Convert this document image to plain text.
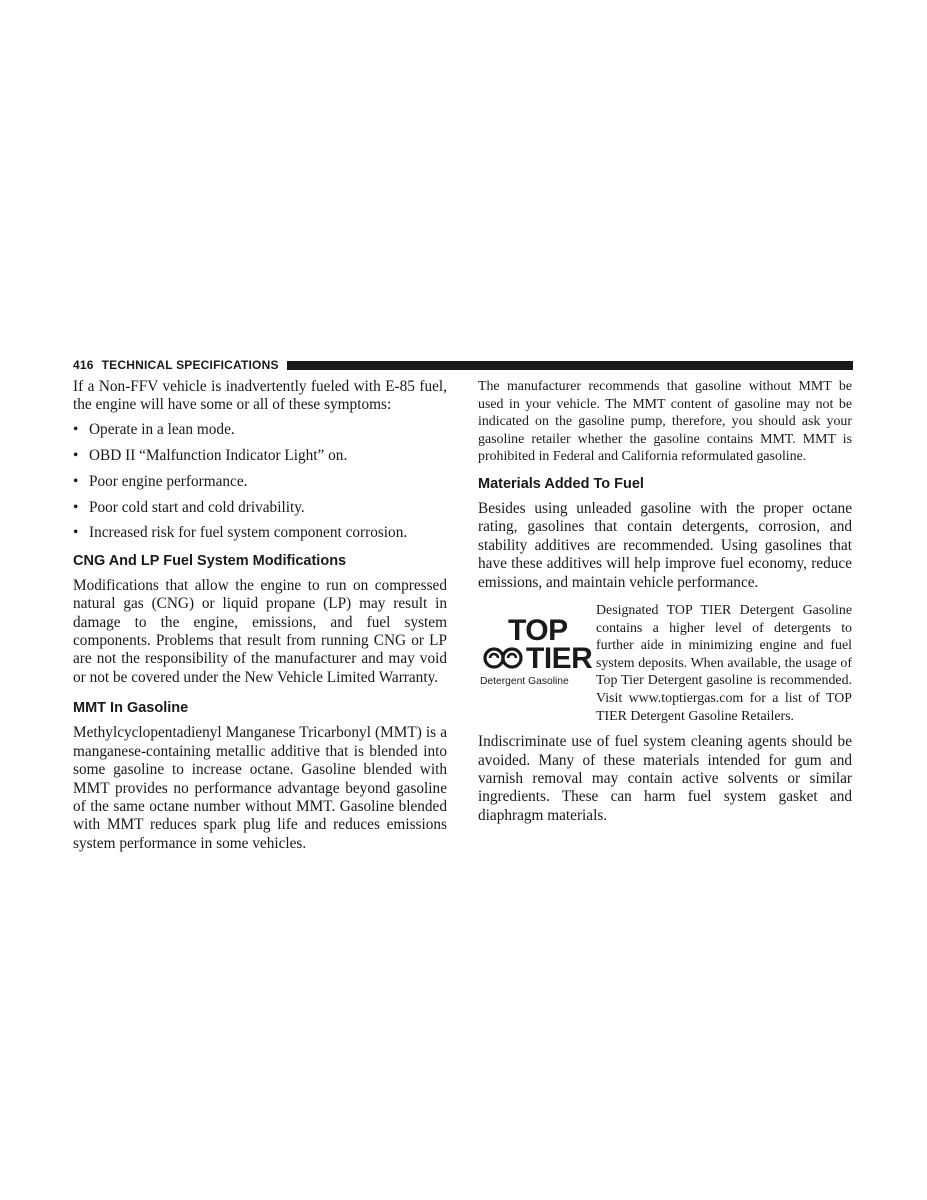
416 TECHNICAL SPECIFICATIONS

If a Non-FFV vehicle is inadvertently fueled with E-85 fuel, the engine will have some or all of these symptoms:

• Operate in a lean mode.
• OBD II “Malfunction Indicator Light” on.
• Poor engine performance.
• Poor cold start and cold drivability.
• Increased risk for fuel system component corrosion.
CNG And LP Fuel System Modifications

Modifications that allow the engine to run on compressed natural gas (CNG) or liquid propane (LP) may result in damage to the engine, emissions, and fuel system components. Problems that result from running CNG or LP are not the responsibility of the manufacturer and may void or not be covered under the New Vehicle Limited Warranty.

MMT In Gasoline

Methylcyclopentadienyl Manganese Tricarbonyl (MMT) is a manganese-containing metallic additive that is blended into some gasoline to increase octane. Gasoline blended with MMT provides no performance advantage beyond gasoline of the same octane number without MMT. Gasoline blended with MMT reduces spark plug life and reduces emissions system performance in some vehicles.

The manufacturer recommends that gasoline without MMT be used in your vehicle. The MMT content of gasoline may not be indicated on the gasoline pump, therefore, you should ask your gasoline retailer whether the gasoline contains MMT. MMT is prohibited in Federal and California reformulated gasoline.

Materials Added To Fuel

Besides using unleaded gasoline with the proper octane rating, gasolines that contain detergents, corrosion, and stability additives are recommended. Using gasolines that have these additives will help improve fuel economy, reduce emissions, and maintain vehicle performance.

TOP
TIER
Detergent Gasoline

Designated TOP TIER Detergent Gasoline contains a higher level of detergents to further aide in minimizing engine and fuel system deposits. When available, the usage of Top Tier Detergent gasoline is recommended. Visit www.toptiergas.com for a list of TOP TIER Detergent Gasoline Retailers.

Indiscriminate use of fuel system cleaning agents should be avoided. Many of these materials intended for gum and varnish removal may contain active solvents or similar ingredients. These can harm fuel system gasket and diaphragm materials.
